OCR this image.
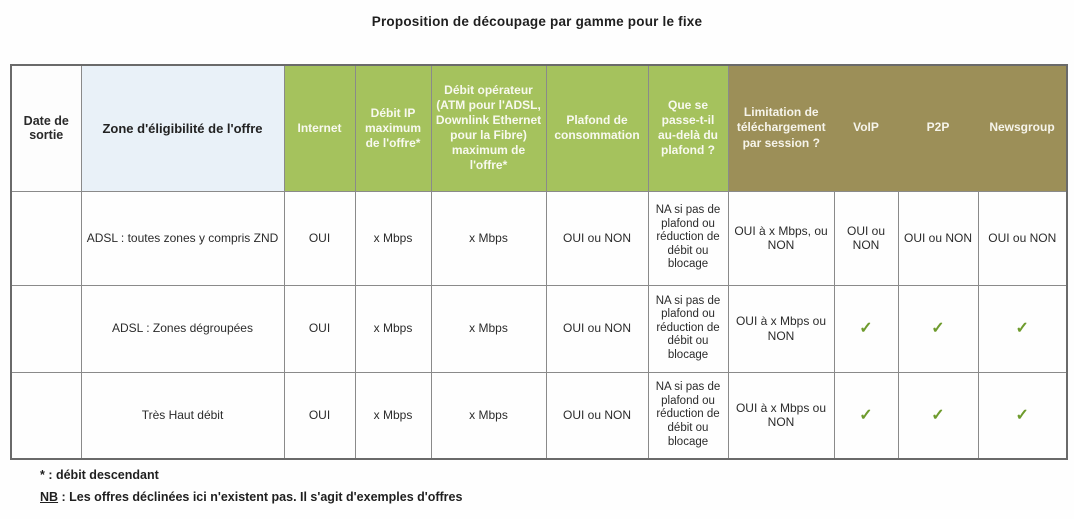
Proposition de découpage par gamme pour le fixe
Date de sortie	Zone d'éligibilité de l'offre	Internet	Débit IP maximum de l'offre*	Débit opérateur (ATM pour l'ADSL, Downlink Ethernet pour la Fibre) maximum de l'offre*	Plafond de consommation	Que se passe-t-il au-delà du plafond ?	Limitation de téléchargement par session ?	VoIP	P2P	Newsgroup
	ADSL : toutes zones y compris ZND	OUI	x Mbps	x Mbps	OUI ou NON	NA si pas de plafond ou réduction de débit ou blocage	OUI à x Mbps, ou NON	OUI ou NON	OUI ou NON	OUI ou NON
	ADSL : Zones dégroupées	OUI	x Mbps	x Mbps	OUI ou NON	NA si pas de plafond ou réduction de débit ou blocage	OUI à x Mbps ou NON	✓	✓	✓
	Très Haut débit	OUI	x Mbps	x Mbps	OUI ou NON	NA si pas de plafond ou réduction de débit ou blocage	OUI à x Mbps ou NON	✓	✓	✓
* : débit descendant
NB : Les offres déclinées ici n'existent pas. Il s'agit d'exemples d'offres
